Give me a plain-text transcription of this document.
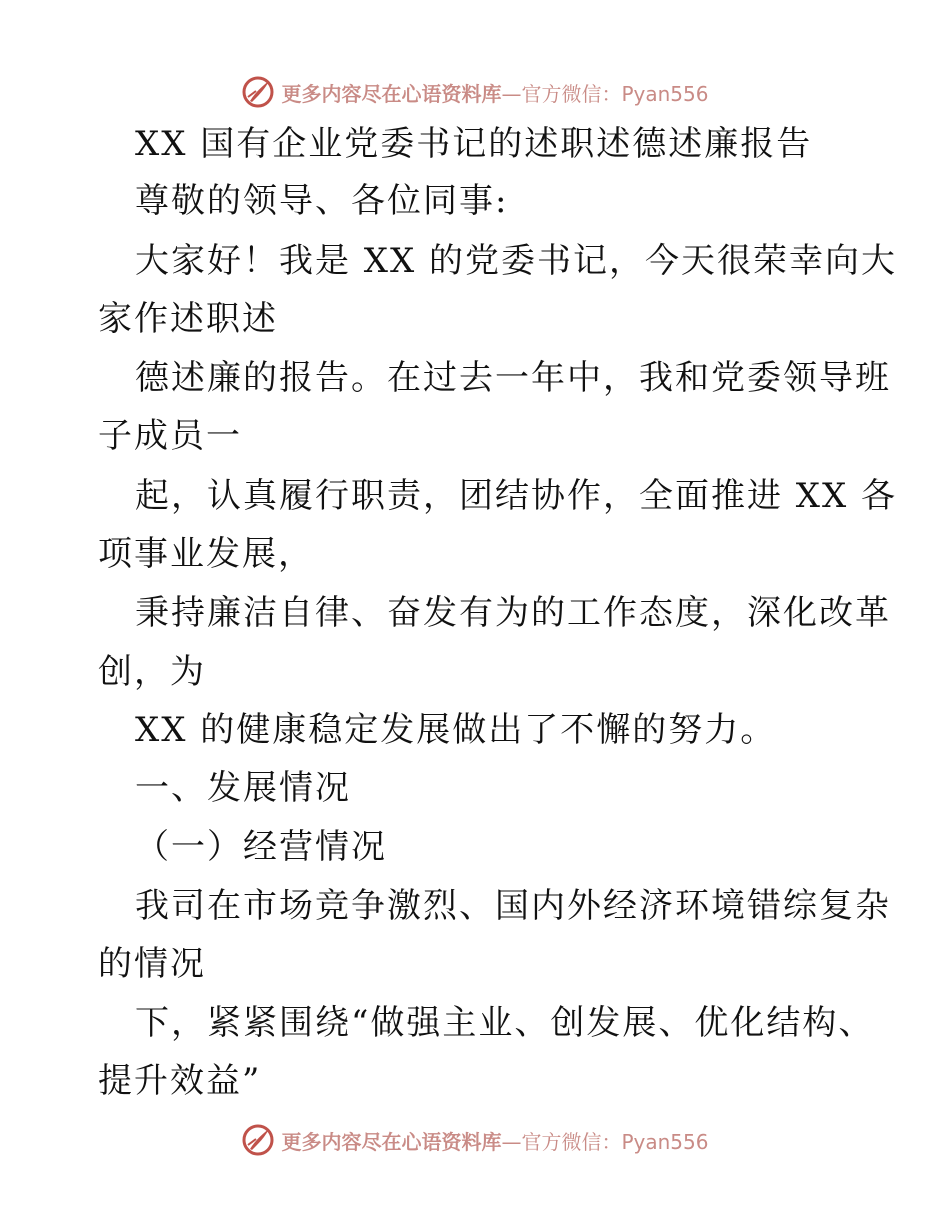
更多内容尽在心语资料库—官方微信：Pyan556
XX 国有企业党委书记的述职述德述廉报告
尊敬的领导、各位同事:
大家好！我是 XX 的党委书记，今天很荣幸向大
家作述职述
德述廉的报告。在过去一年中，我和党委领导班
子成员一
起，认真履行职责，团结协作，全面推进 XX 各
项事业发展，
秉持廉洁自律、奋发有为的工作态度，深化改革
创，为
XX 的健康稳定发展做出了不懈的努力。
一、发展情况
（一）经营情况
我司在市场竞争激烈、国内外经济环境错综复杂
的情况
下，紧紧围绕“做强主业、创发展、优化结构、
提升效益”
更多内容尽在心语资料库—官方微信：Pyan556
